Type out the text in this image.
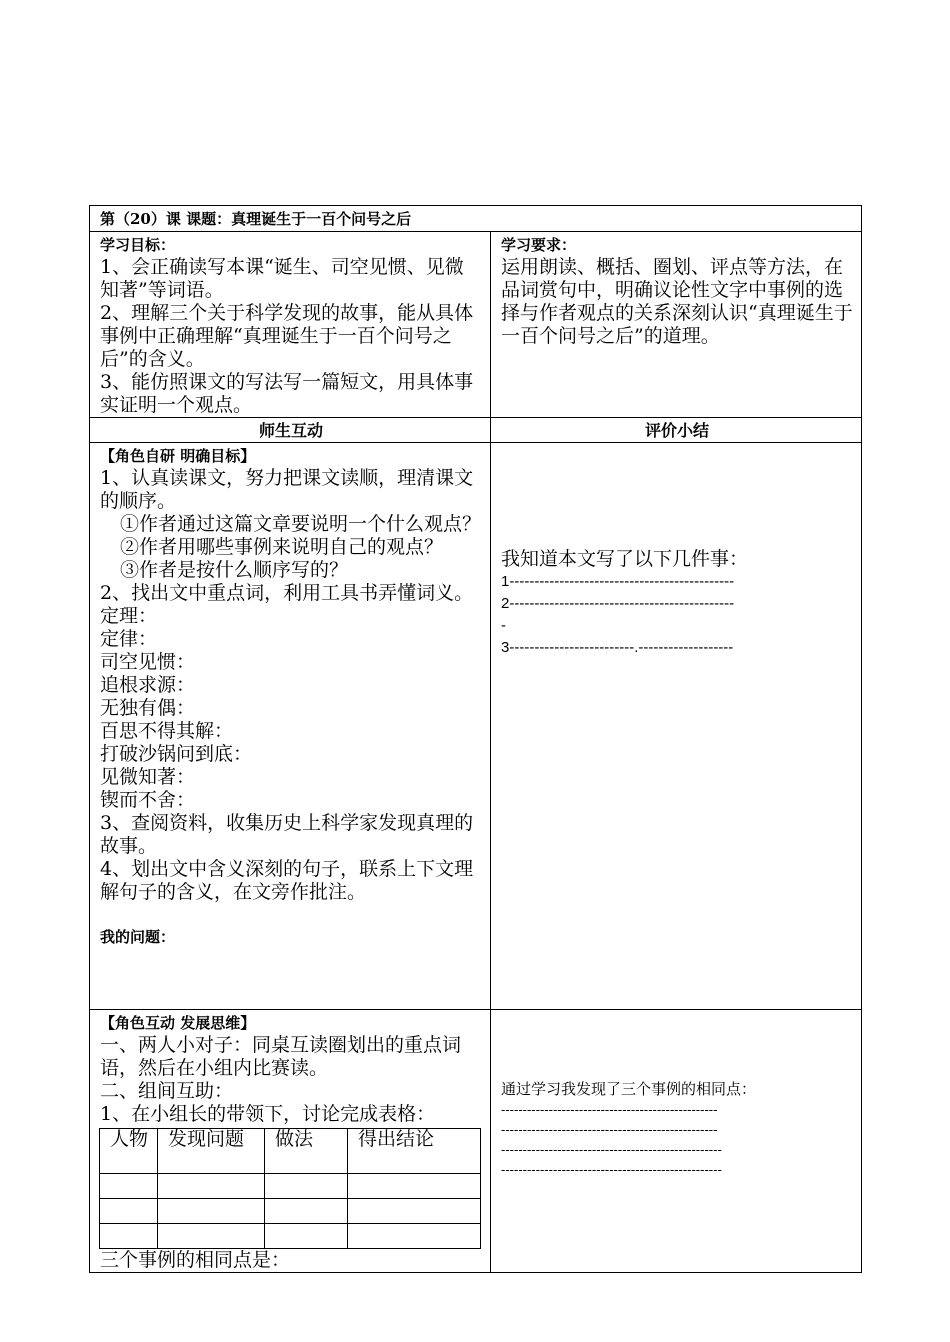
第（20）课 课题：真理诞生于一百个问号之后

学习目标：
1、会正确读写本课“诞生、司空见惯、见微知著”等词语。
2、理解三个关于科学发现的故事，能从具体事例中正确理解“真理诞生于一百个问号之后”的含义。
3、能仿照课文的写法写一篇短文，用具体事实证明一个观点。

学习要求：
运用朗读、概括、圈划、评点等方法，在品词赏句中，明确议论性文字中事例的选择与作者观点的关系深刻认识“真理诞生于一百个问号之后”的道理。

师生互动	评价小结

【角色自研 明确目标】
1、认真读课文，努力把课文读顺，理清课文的顺序。
①作者通过这篇文章要说明一个什么观点？
②作者用哪些事例来说明自己的观点？
③作者是按什么顺序写的？
2、找出文中重点词，利用工具书弄懂词义。
定理：
定律：
司空见惯：
追根求源：
无独有偶：
百思不得其解：
打破沙锅问到底：
见微知著：
锲而不舍：
3、查阅资料，收集历史上科学家发现真理的故事。
4、划出文中含义深刻的句子，联系上下文理解句子的含义，在文旁作批注。
我的问题：

我知道本文写了以下几件事：
1---------------------------------------------
2---------------------------------------------
-
3-------------------------.-------------------

【角色互动 发展思维】
一、两人小对子：同桌互读圈划出的重点词语，然后在小组内比赛读。
二、组间互助：
1、在小组长的带领下，讨论完成表格：
人物	发现问题	做法	得出结论

三个事例的相同点是：

通过学习我发现了三个事例的相同点：
--------------------------------------------------
--------------------------------------------------
---------------------------------------------------
---------------------------------------------------
